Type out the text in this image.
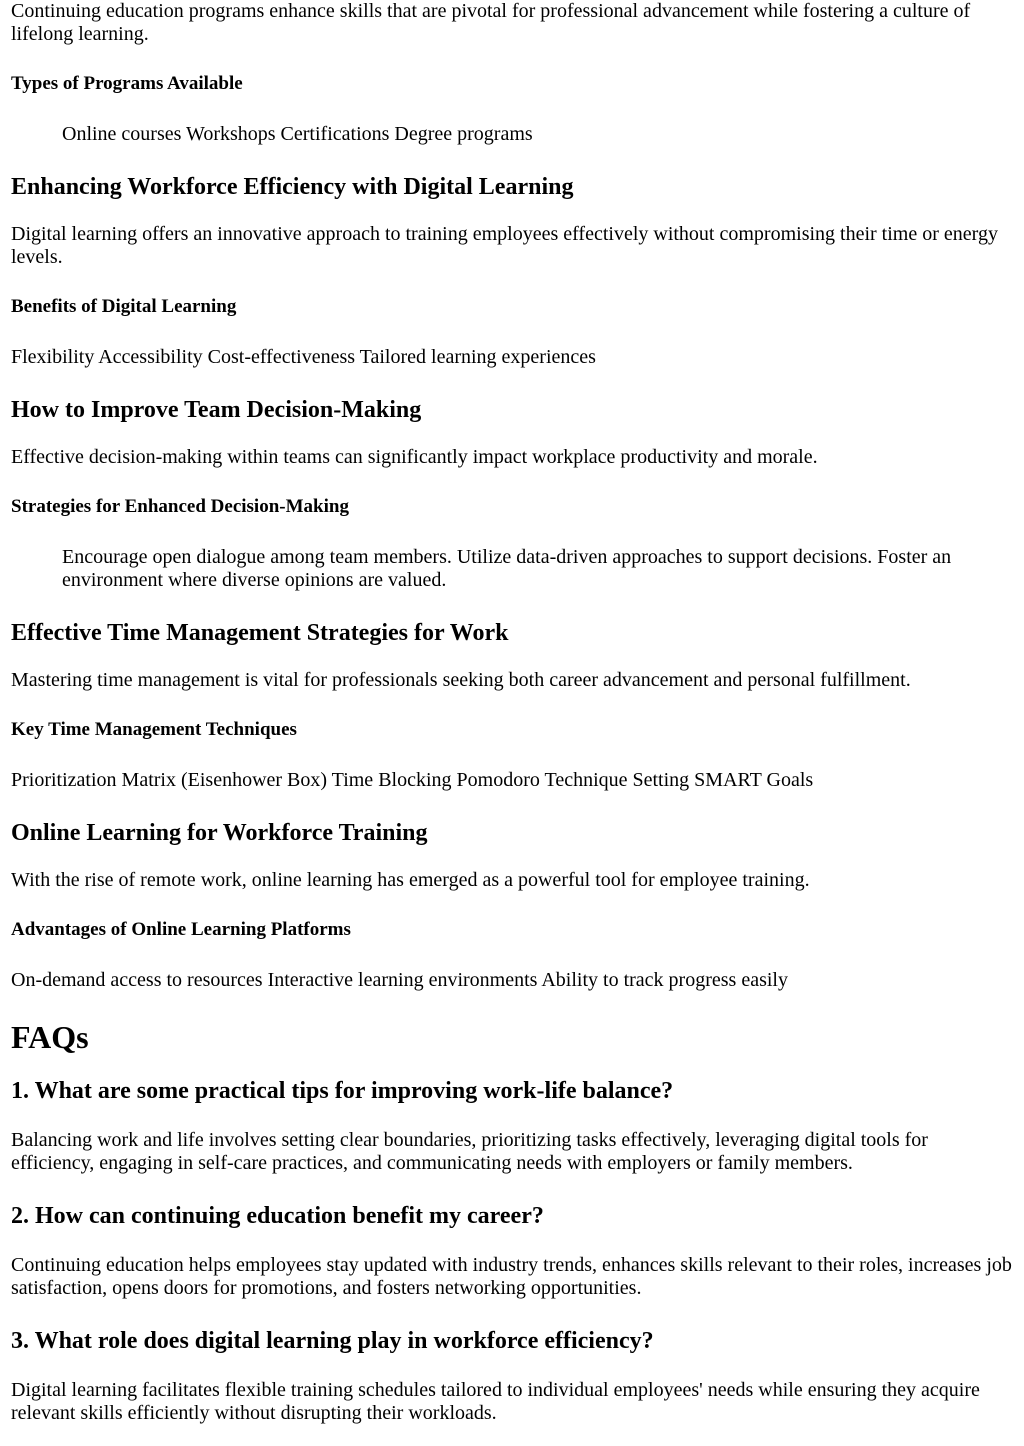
Continuing education programs enhance skills that are pivotal for professional advancement while fostering a culture of lifelong learning.

Types of Programs Available
Online courses Workshops Certifications Degree programs
Enhancing Workforce Efficiency with Digital Learning

Digital learning offers an innovative approach to training employees effectively without compromising their time or energy levels.

Benefits of Digital Learning

Flexibility Accessibility Cost-effectiveness Tailored learning experiences

How to Improve Team Decision-Making

Effective decision-making within teams can significantly impact workplace productivity and morale.

Strategies for Enhanced Decision-Making
Encourage open dialogue among team members. Utilize data-driven approaches to support decisions. Foster an environment where diverse opinions are valued.
Effective Time Management Strategies for Work

Mastering time management is vital for professionals seeking both career advancement and personal fulfillment.

Key Time Management Techniques

Prioritization Matrix (Eisenhower Box) Time Blocking Pomodoro Technique Setting SMART Goals

Online Learning for Workforce Training

With the rise of remote work, online learning has emerged as a powerful tool for employee training.

Advantages of Online Learning Platforms

On-demand access to resources Interactive learning environments Ability to track progress easily

FAQs
1. What are some practical tips for improving work-life balance?

Balancing work and life involves setting clear boundaries, prioritizing tasks effectively, leveraging digital tools for efficiency, engaging in self-care practices, and communicating needs with employers or family members.

2. How can continuing education benefit my career?

Continuing education helps employees stay updated with industry trends, enhances skills relevant to their roles, increases job satisfaction, opens doors for promotions, and fosters networking opportunities.

3. What role does digital learning play in workforce efficiency?

Digital learning facilitates flexible training schedules tailored to individual employees' needs while ensuring they acquire relevant skills efficiently without disrupting their workloads.
